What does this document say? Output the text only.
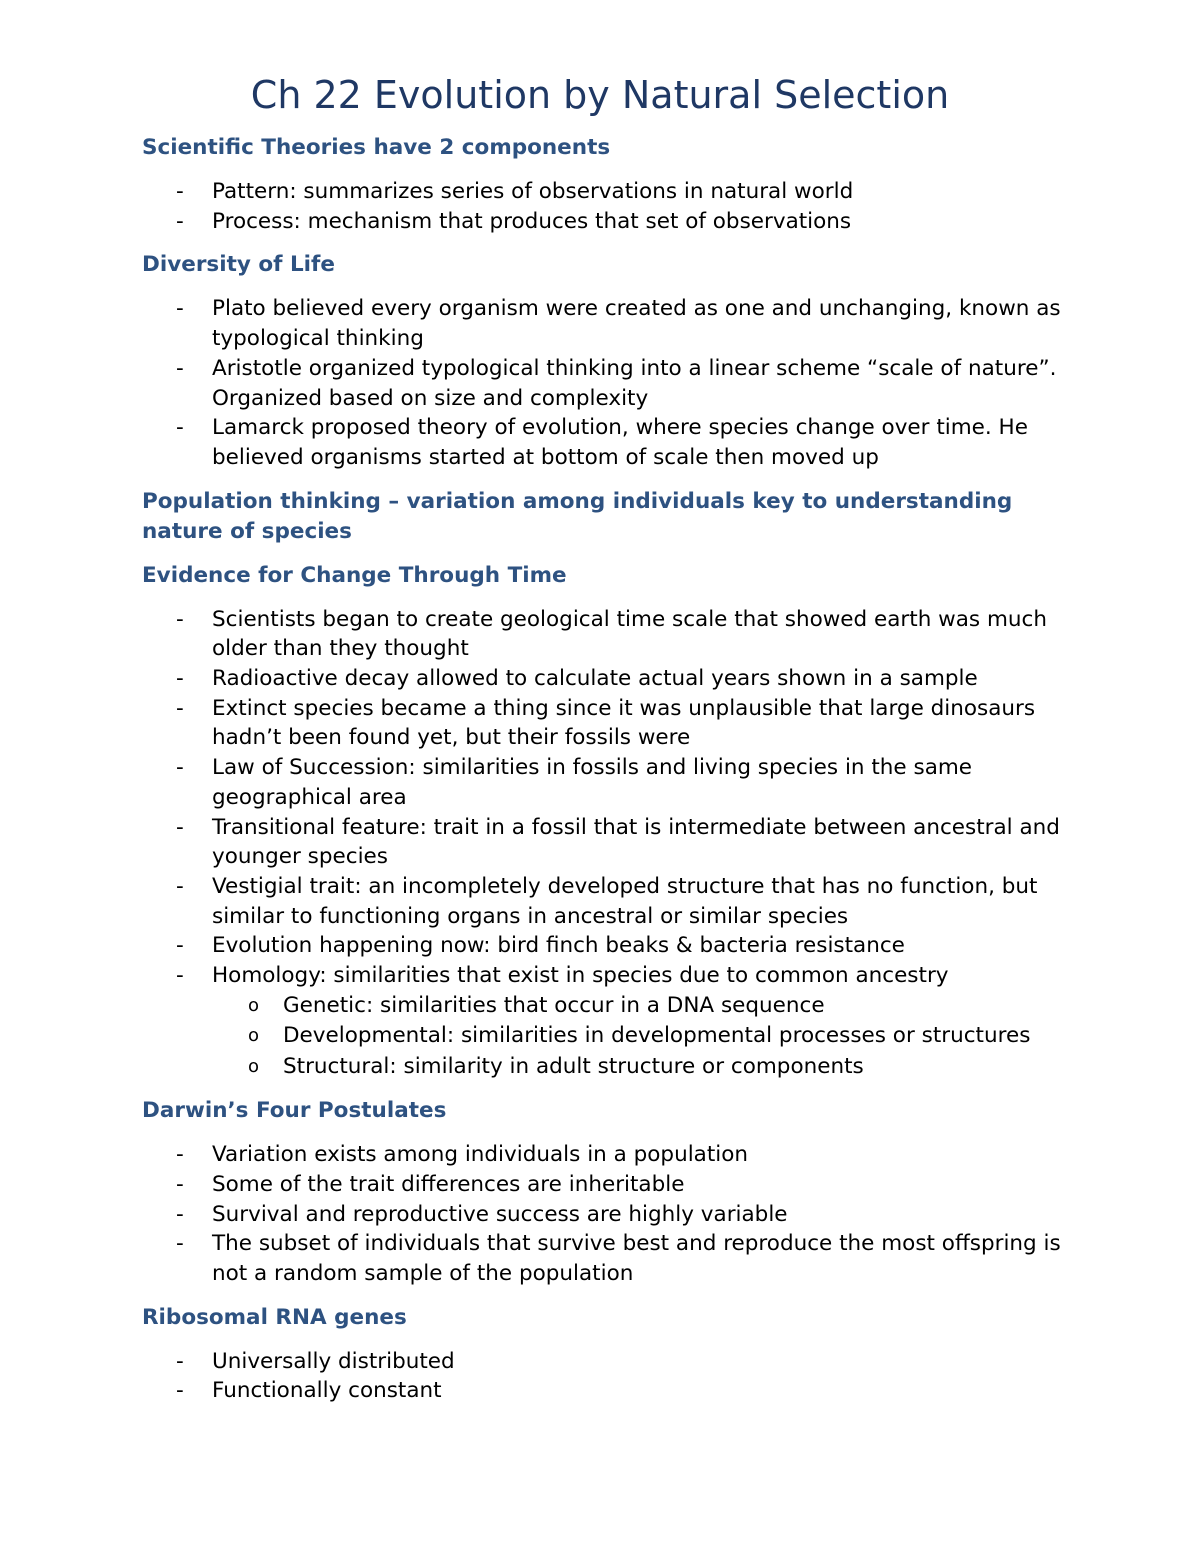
Ch 22 Evolution by Natural Selection
Scientific Theories have 2 components
- Pattern: summarizes series of observations in natural world
- Process: mechanism that produces that set of observations
Diversity of Life
- Plato believed every organism were created as one and unchanging, known as typological thinking
- Aristotle organized typological thinking into a linear scheme “scale of nature”. Organized based on size and complexity
- Lamarck proposed theory of evolution, where species change over time. He believed organisms started at bottom of scale then moved up
Population thinking – variation among individuals key to understanding nature of species
Evidence for Change Through Time
- Scientists began to create geological time scale that showed earth was much older than they thought
- Radioactive decay allowed to calculate actual years shown in a sample
- Extinct species became a thing since it was unplausible that large dinosaurs hadn’t been found yet, but their fossils were
- Law of Succession: similarities in fossils and living species in the same geographical area
- Transitional feature: trait in a fossil that is intermediate between ancestral and younger species
- Vestigial trait: an incompletely developed structure that has no function, but similar to functioning organs in ancestral or similar species
- Evolution happening now: bird finch beaks & bacteria resistance
- Homology: similarities that exist in species due to common ancestry
o Genetic: similarities that occur in a DNA sequence
o Developmental: similarities in developmental processes or structures
o Structural: similarity in adult structure or components
Darwin’s Four Postulates
- Variation exists among individuals in a population
- Some of the trait differences are inheritable
- Survival and reproductive success are highly variable
- The subset of individuals that survive best and reproduce the most offspring is not a random sample of the population
Ribosomal RNA genes
- Universally distributed
- Functionally constant
